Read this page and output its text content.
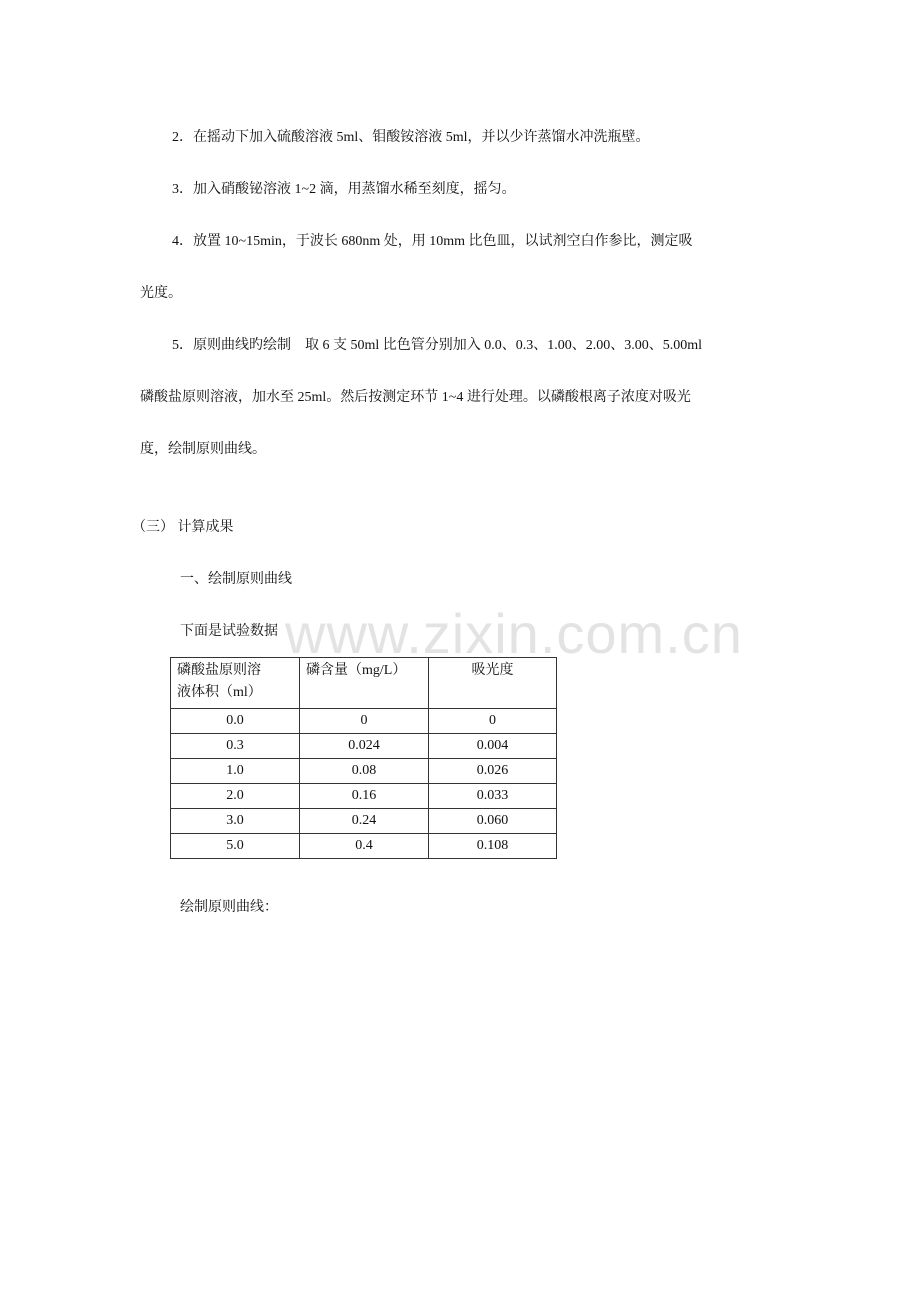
www.zixin.com.cn
2．在摇动下加入硫酸溶液 5ml、钼酸铵溶液 5ml，并以少许蒸馏水冲洗瓶壁。
3．加入硝酸铋溶液 1~2 滴，用蒸馏水稀至刻度，摇匀。
4．放置 10~15min，于波长 680nm 处，用 10mm 比色皿，以试剂空白作参比，测定吸
光度。
5．原则曲线旳绘制　取 6 支 50ml 比色管分别加入 0.0、0.3、1.00、2.00、3.00、5.00ml
磷酸盐原则溶液，加水至 25ml。然后按测定环节 1~4 进行处理。以磷酸根离子浓度对吸光
度，绘制原则曲线。
（三） 计算成果
一、绘制原则曲线
下面是试验数据
磷酸盐原则溶
液体积（ml）	磷含量（mg/L）	吸光度
0.0	0	0
0.3	0.024	0.004
1.0	0.08	0.026
2.0	0.16	0.033
3.0	0.24	0.060
5.0	0.4	0.108
绘制原则曲线：
